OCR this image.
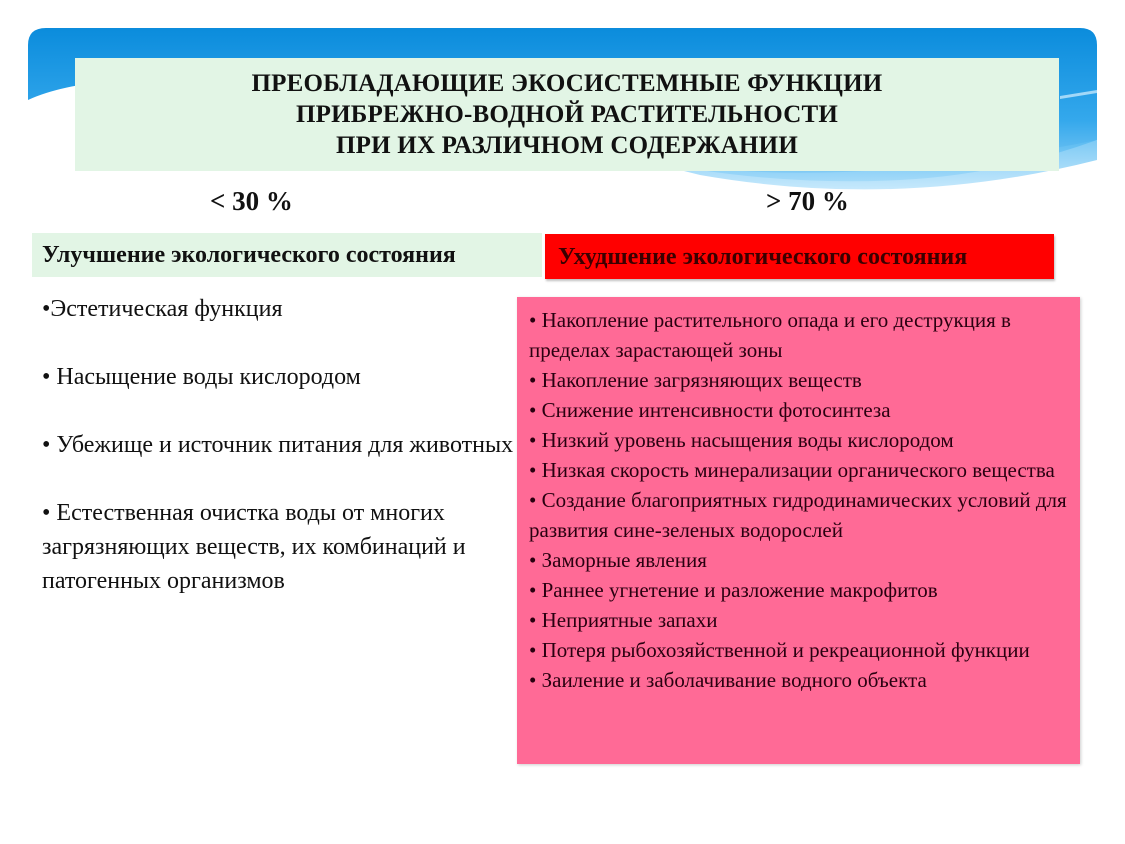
ПРЕОБЛАДАЮЩИЕ ЭКОСИСТЕМНЫЕ ФУНКЦИИ
ПРИБРЕЖНО-ВОДНОЙ РАСТИТЕЛЬНОСТИ
ПРИ ИХ РАЗЛИЧНОМ СОДЕРЖАНИИ
< 30 %	> 70 %
Улучшение экологического состояния	Ухудшение экологического состояния
•Эстетическая функция
• Насыщение воды кислородом
• Убежище и источник питания для животных
• Естественная очистка воды от многих загрязняющих веществ, их комбинаций и патогенных организмов
• Накопление растительного опада и его деструкция в пределах зарастающей зоны
• Накопление загрязняющих веществ
• Снижение интенсивности фотосинтеза
• Низкий уровень насыщения воды кислородом
• Низкая скорость минерализации органического вещества
• Создание благоприятных гидродинамических условий для развития сине-зеленых водорослей
• Заморные явления
• Раннее угнетение и разложение макрофитов
• Неприятные запахи
• Потеря рыбохозяйственной и рекреационной функции
• Заиление и заболачивание водного объекта
